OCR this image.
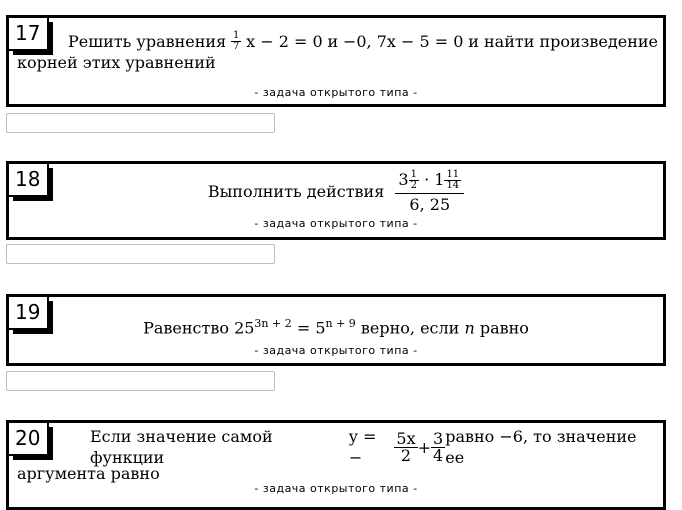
17	Решить уравнения $\frac{1}{7}$ x − 2 = 0 и −0, 7x − 5 = 0 и найти произведение
корней этих уравнений
- задача открытого типа -
18
Выполнить действия $\frac{3 \frac{1}{2} \cdot 1 \frac{11}{14}}{6, 25}$
- задача открытого типа -
19
Равенство $25^{3n + 2} = 5^{n + 9}$ верно, если n равно
- задача открытого типа -
20	Если значение самой функции
y = −	$\frac{5x}{2} + \frac{3}{4}$ равно −6, то значение ее
аргумента равно
- задача открытого типа -
